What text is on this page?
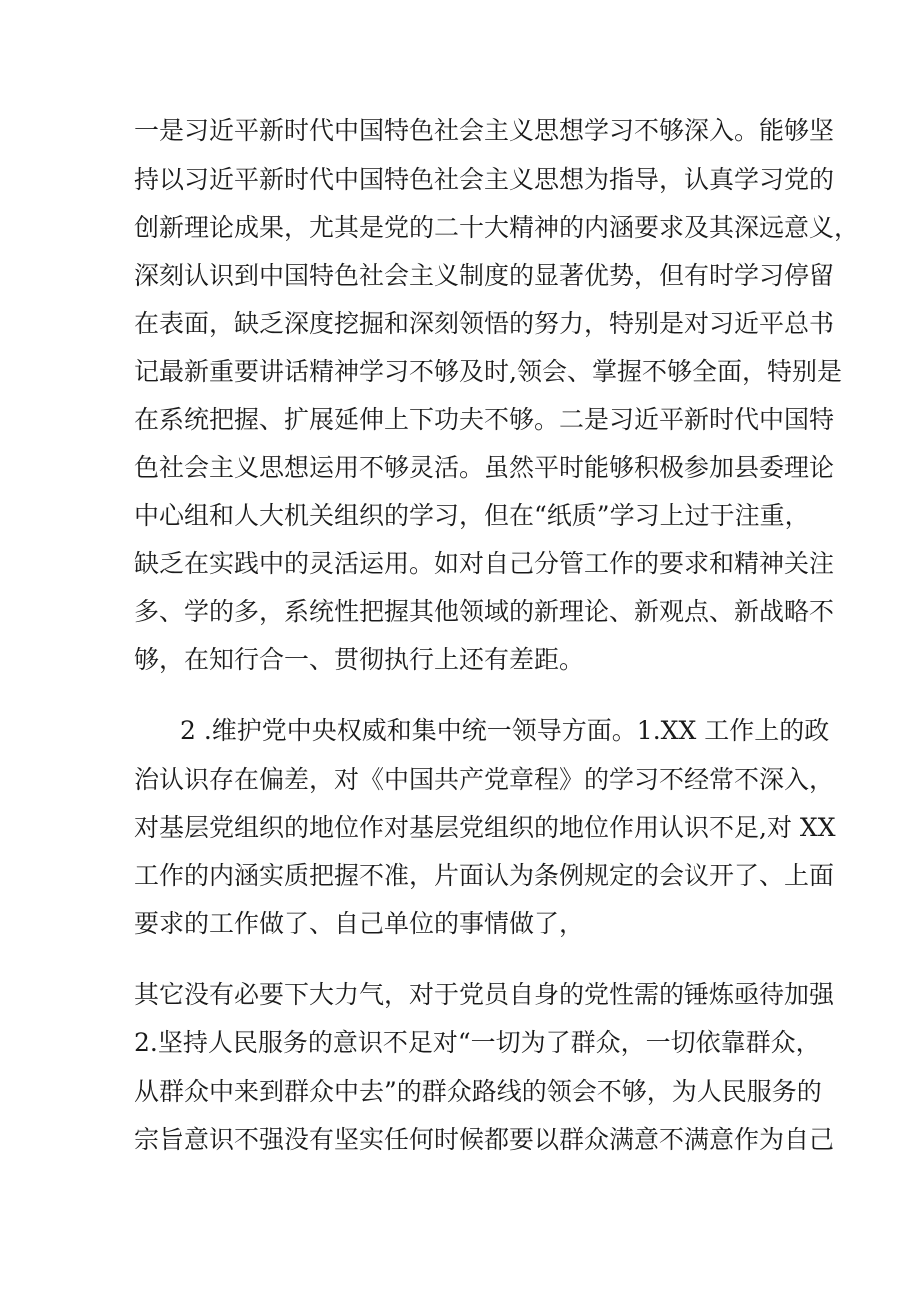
一是习近平新时代中国特色社会主义思想学习不够深入。能够坚
持以习近平新时代中国特色社会主义思想为指导，认真学习党的
创新理论成果，尤其是党的二十大精神的内涵要求及其深远意义，
深刻认识到中国特色社会主义制度的显著优势，但有时学习停留
在表面，缺乏深度挖掘和深刻领悟的努力，特别是对习近平总书
记最新重要讲话精神学习不够及时,领会、掌握不够全面，特别是
在系统把握、扩展延伸上下功夫不够。二是习近平新时代中国特
色社会主义思想运用不够灵活。虽然平时能够积极参加县委理论
中心组和人大机关组织的学习，但在“纸质”学习上过于注重，
缺乏在实践中的灵活运用。如对自己分管工作的要求和精神关注
多、学的多，系统性把握其他领域的新理论、新观点、新战略不
够，在知行合一、贯彻执行上还有差距。
2 .维护党中央权威和集中统一领导方面。1.XX 工作上的政
治认识存在偏差，对《中国共产党章程》的学习不经常不深入，
对基层党组织的地位作对基层党组织的地位作用认识不足,对 XX
工作的内涵实质把握不准，片面认为条例规定的会议开了、上面
要求的工作做了、自己单位的事情做了，
其它没有必要下大力气，对于党员自身的党性需的锤炼亟待加强
2.坚持人民服务的意识不足对“一切为了群众，一切依靠群众，
从群众中来到群众中去”的群众路线的领会不够，为人民服务的
宗旨意识不强没有坚实任何时候都要以群众满意不满意作为自己
